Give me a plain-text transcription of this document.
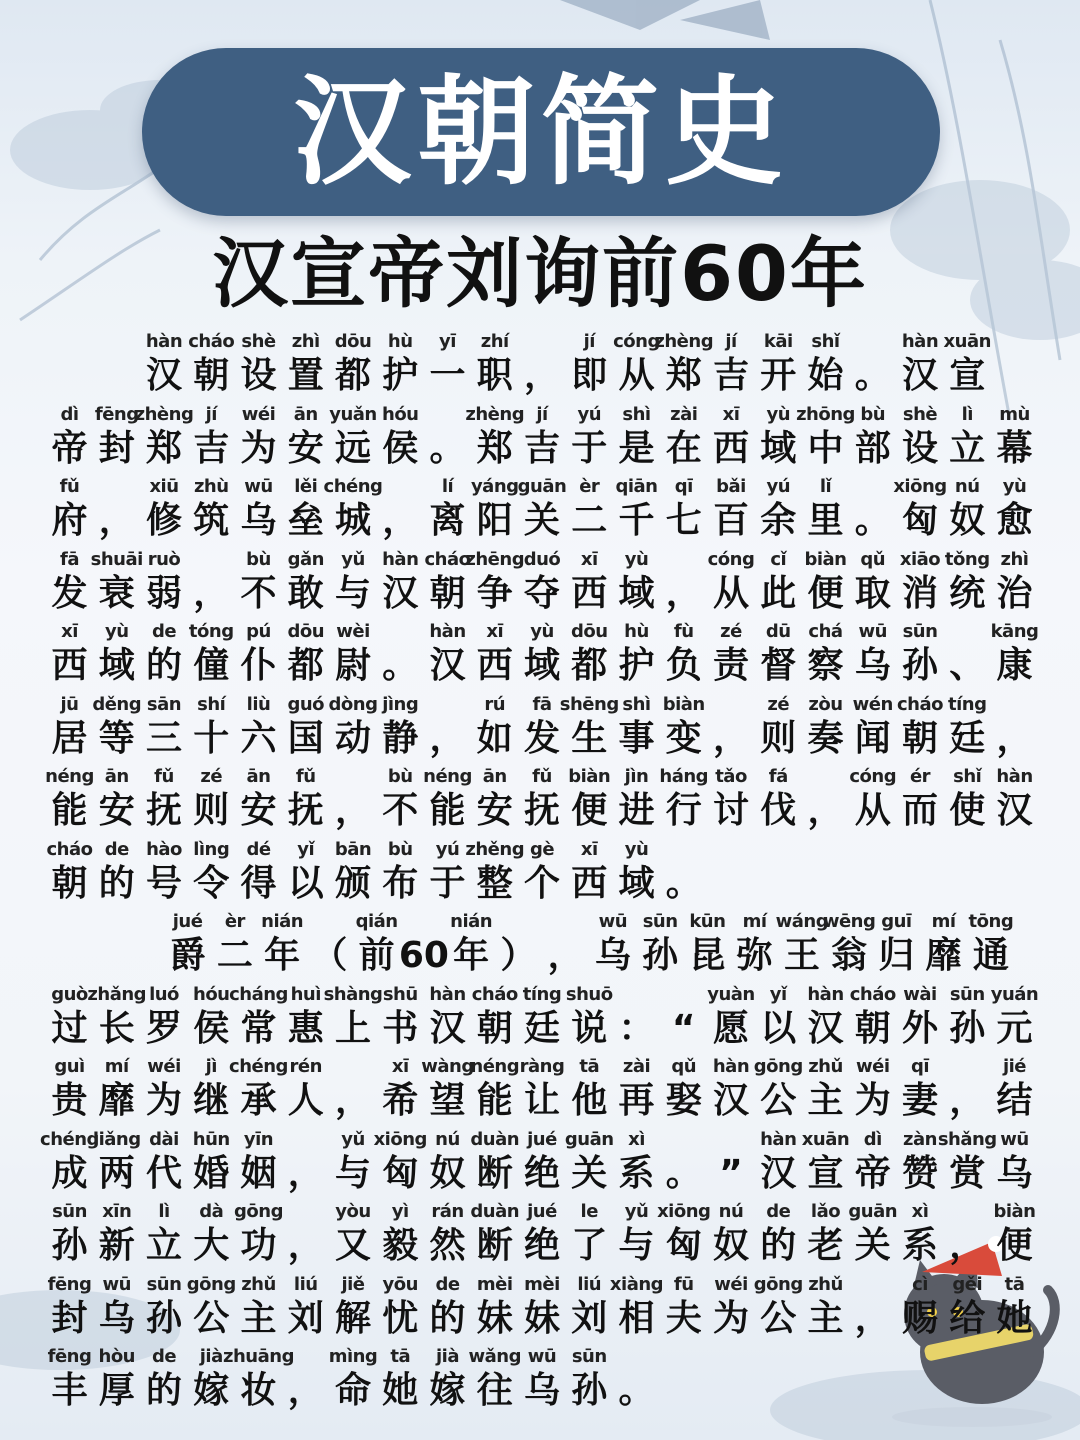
汉朝简史
汉宣帝刘询前60年
hàn
汉
cháo
朝
shè
设
zhì
置
dōu
都
hù
护
yī
一
zhí
职 ，
jí
即
cóng
从
zhèng
郑
jí
吉
kāi
开
shǐ
始 。
hàn
汉
xuān
宣
dì
帝
fēng
封
zhèng
郑
jí
吉
wéi
为
ān
安
yuǎn
远
hóu
侯 。
zhèng
郑
jí
吉
yú
于
shì
是
zài
在
xī
西
yù
域
zhōng
中
bù
部
shè
设
lì
立
mù
幕
fǔ
府 ，
xiū
修
zhù
筑
wū
乌
lěi
垒
chéng
城 ，
lí
离
yáng
阳
guān
关
èr
二
qiān
千
qī
七
bǎi
百
yú
余
lǐ
里 。
xiōng
匈
nú
奴
yù
愈
fā
发
shuāi
衰
ruò
弱 ，
bù
不
gǎn
敢
yǔ
与
hàn
汉
cháo
朝
zhēng
争
duó
夺
xī
西
yù
域 ，
cóng
从
cǐ
此
biàn
便
qǔ
取
xiāo
消
tǒng
统
zhì
治
xī
西
yù
域
de
的
tóng
僮
pú
仆
dōu
都
wèi
尉 。
hàn
汉
xī
西
yù
域
dōu
都
hù
护
fù
负
zé
责
dū
督
chá
察
wū
乌
sūn
孙 、
kāng
康
jū
居
děng
等
sān
三
shí
十
liù
六
guó
国
dòng
动
jìng
静 ，
rú
如
fā
发
shēng
生
shì
事
biàn
变 ，
zé
则
zòu
奏
wén
闻
cháo
朝
tíng
廷 ，
néng
能
ān
安
fǔ
抚
zé
则
ān
安
fǔ
抚 ，
bù
不
néng
能
ān
安
fǔ
抚
biàn
便
jìn
进
háng
行
tǎo
讨
fá
伐 ，
cóng
从
ér
而
shǐ
使
hàn
汉
cháo
朝
de
的
hào
号
lìng
令
dé
得
yǐ
以
bān
颁
bù
布
yú
于
zhěng
整
gè
个
xī
西
yù
域 。
jué
爵
èr
二
nián
年 （
qián
前 60
nián
年 ） ，
wū
乌
sūn
孙
kūn
昆
mí
弥
wáng
王
wēng
翁
guī
归
mí
靡
tōng
通
guò
过
zhǎng
长
luó
罗
hóu
侯
cháng
常
huì
惠
shàng
上
shū
书
hàn
汉
cháo
朝
tíng
廷
shuō
说 ： “
yuàn
愿
yǐ
以
hàn
汉
cháo
朝
wài
外
sūn
孙
yuán
元
guì
贵
mí
靡
wéi
为
jì
继
chéng
承
rén
人 ，
xī
希
wàng
望
néng
能
ràng
让
tā
他
zài
再
qǔ
娶
hàn
汉
gōng
公
zhǔ
主
wéi
为
qī
妻 ，
jié
结
chéng
成
liǎng
两
dài
代
hūn
婚
yīn
姻 ，
yǔ
与
xiōng
匈
nú
奴
duàn
断
jué
绝
guān
关
xì
系 。 ”
hàn
汉
xuān
宣
dì
帝
zàn
赞
shǎng
赏
wū
乌
sūn
孙
xīn
新
lì
立
dà
大
gōng
功 ，
yòu
又
yì
毅
rán
然
duàn
断
jué
绝
le
了
yǔ
与
xiōng
匈
nú
奴
de
的
lǎo
老
guān
关
xì
系 ，
biàn
便
fēng
封
wū
乌
sūn
孙
gōng
公
zhǔ
主
liú
刘
jiě
解
yōu
忧
de
的
mèi
妹
mèi
妹
liú
刘
xiàng
相
fū
夫
wéi
为
gōng
公
zhǔ
主 ，
cì
赐
gěi
给
tā
她
fēng
丰
hòu
厚
de
的
jià
嫁
zhuāng
妆 ，
mìng
命
tā
她
jià
嫁
wǎng
往
wū
乌
sūn
孙 。
